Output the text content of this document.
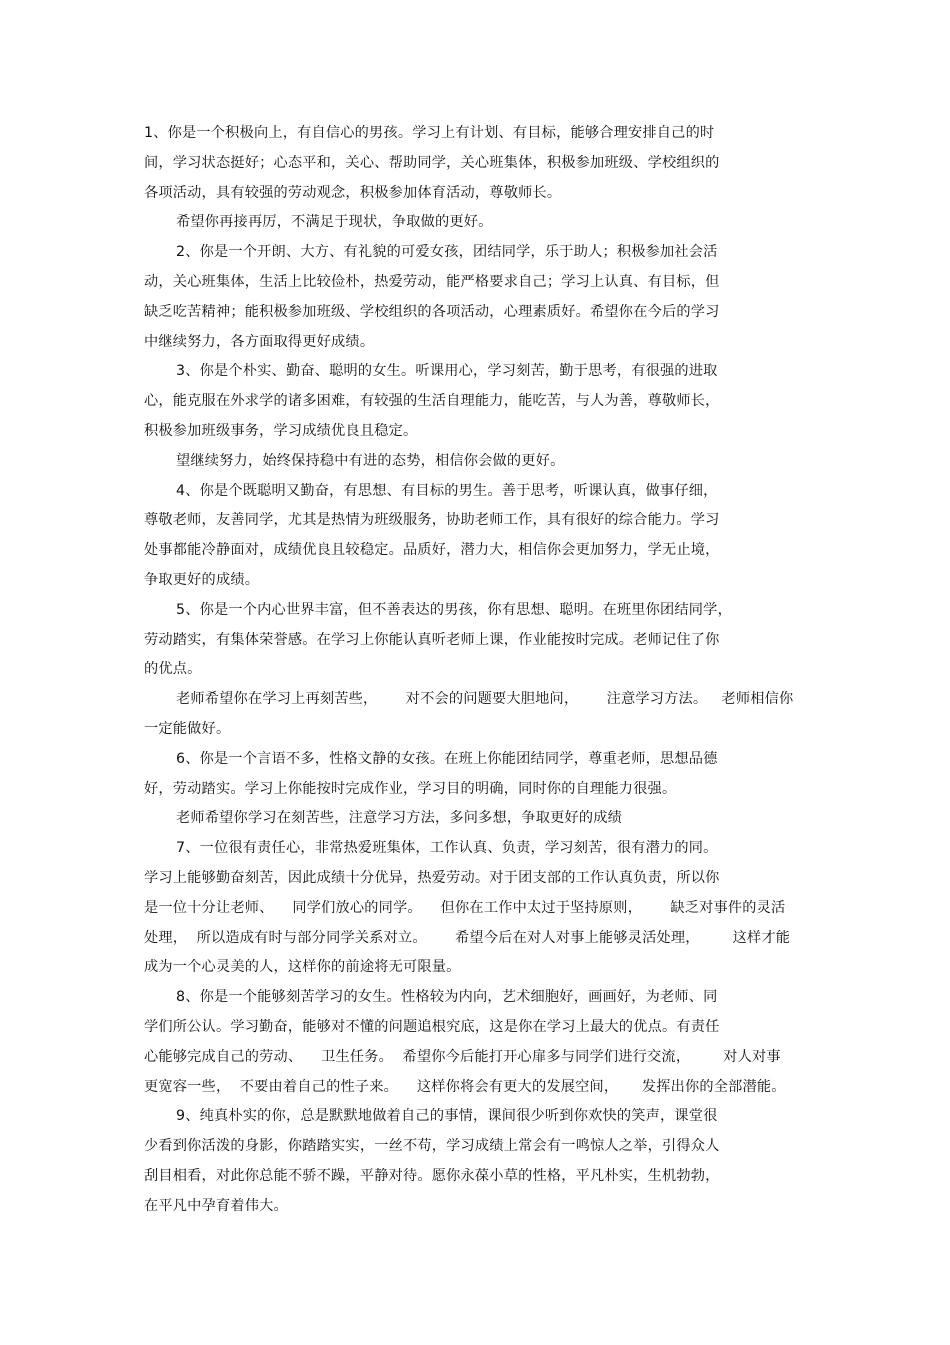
1、你是一个积极向上，有自信心的男孩。学习上有计划、有目标，能够合理安排自己的时
间，学习状态挺好；心态平和，关心、帮助同学，关心班集体，积极参加班级、学校组织的
各项活动，具有较强的劳动观念，积极参加体育活动，尊敬师长。
希望你再接再厉，不满足于现状，争取做的更好。
2、你是一个开朗、大方、有礼貌的可爱女孩，团结同学，乐于助人；积极参加社会活
动，关心班集体，生活上比较俭朴，热爱劳动，能严格要求自己；学习上认真、有目标，但
缺乏吃苦精神；能积极参加班级、学校组织的各项活动，心理素质好。希望你在今后的学习
中继续努力，各方面取得更好成绩。
3、你是个朴实、勤奋、聪明的女生。听课用心，学习刻苦，勤于思考，有很强的进取
心，能克服在外求学的诸多困难，有较强的生活自理能力，能吃苦，与人为善，尊敬师长，
积极参加班级事务，学习成绩优良且稳定。
望继续努力，始终保持稳中有进的态势，相信你会做的更好。
4、你是个既聪明又勤奋，有思想、有目标的男生。善于思考，听课认真，做事仔细，
尊敬老师，友善同学，尤其是热情为班级服务，协助老师工作，具有很好的综合能力。学习
处事都能冷静面对，成绩优良且较稳定。品质好，潜力大，相信你会更加努力，学无止境，
争取更好的成绩。
5、你是一个内心世界丰富，但不善表达的男孩，你有思想、聪明。在班里你团结同学，
劳动踏实，有集体荣誉感。在学习上你能认真听老师上课，作业能按时完成。老师记住了你
的优点。
老师希望你在学习上再刻苦些，      对不会的问题要大胆地问，      注意学习方法。   老师相信你
一定能做好。
6、你是一个言语不多，性格文静的女孩。在班上你能团结同学，尊重老师，思想品德
好，劳动踏实。学习上你能按时完成作业，学习目的明确，同时你的自理能力很强。
老师希望你学习在刻苦些，注意学习方法，多问多想，争取更好的成绩
7、一位很有责任心，非常热爱班集体，工作认真、负责，学习刻苦，很有潜力的同。
学习上能够勤奋刻苦，因此成绩十分优异，热爱劳动。对于团支部的工作认真负责，所以你
是一位十分让老师、    同学们放心的同学。    但你在工作中太过于坚持原则，      缺乏对事件的灵活
处理，  所以造成有时与部分同学关系对立。      希望今后在对人对事上能够灵活处理，       这样才能
成为一个心灵美的人，这样你的前途将无可限量。
8、你是一个能够刻苦学习的女生。性格较为内向，艺术细胞好，画画好，为老师、同
学们所公认。学习勤奋，能够对不懂的问题追根究底，这是你在学习上最大的优点。有责任
心能够完成自己的劳动、    卫生任务。  希望你今后能打开心扉多与同学们进行交流，       对人对事
更宽容一些，  不要由着自己的性子来。    这样你将会有更大的发展空间，     发挥出你的全部潜能。
9、纯真朴实的你，总是默默地做着自己的事情，课间很少听到你欢快的笑声，课堂很
少看到你活泼的身影，你踏踏实实，一丝不苟，学习成绩上常会有一鸣惊人之举，引得众人
刮目相看，对此你总能不骄不躁，平静对待。愿你永葆小草的性格，平凡朴实，生机勃勃，
在平凡中孕育着伟大。
